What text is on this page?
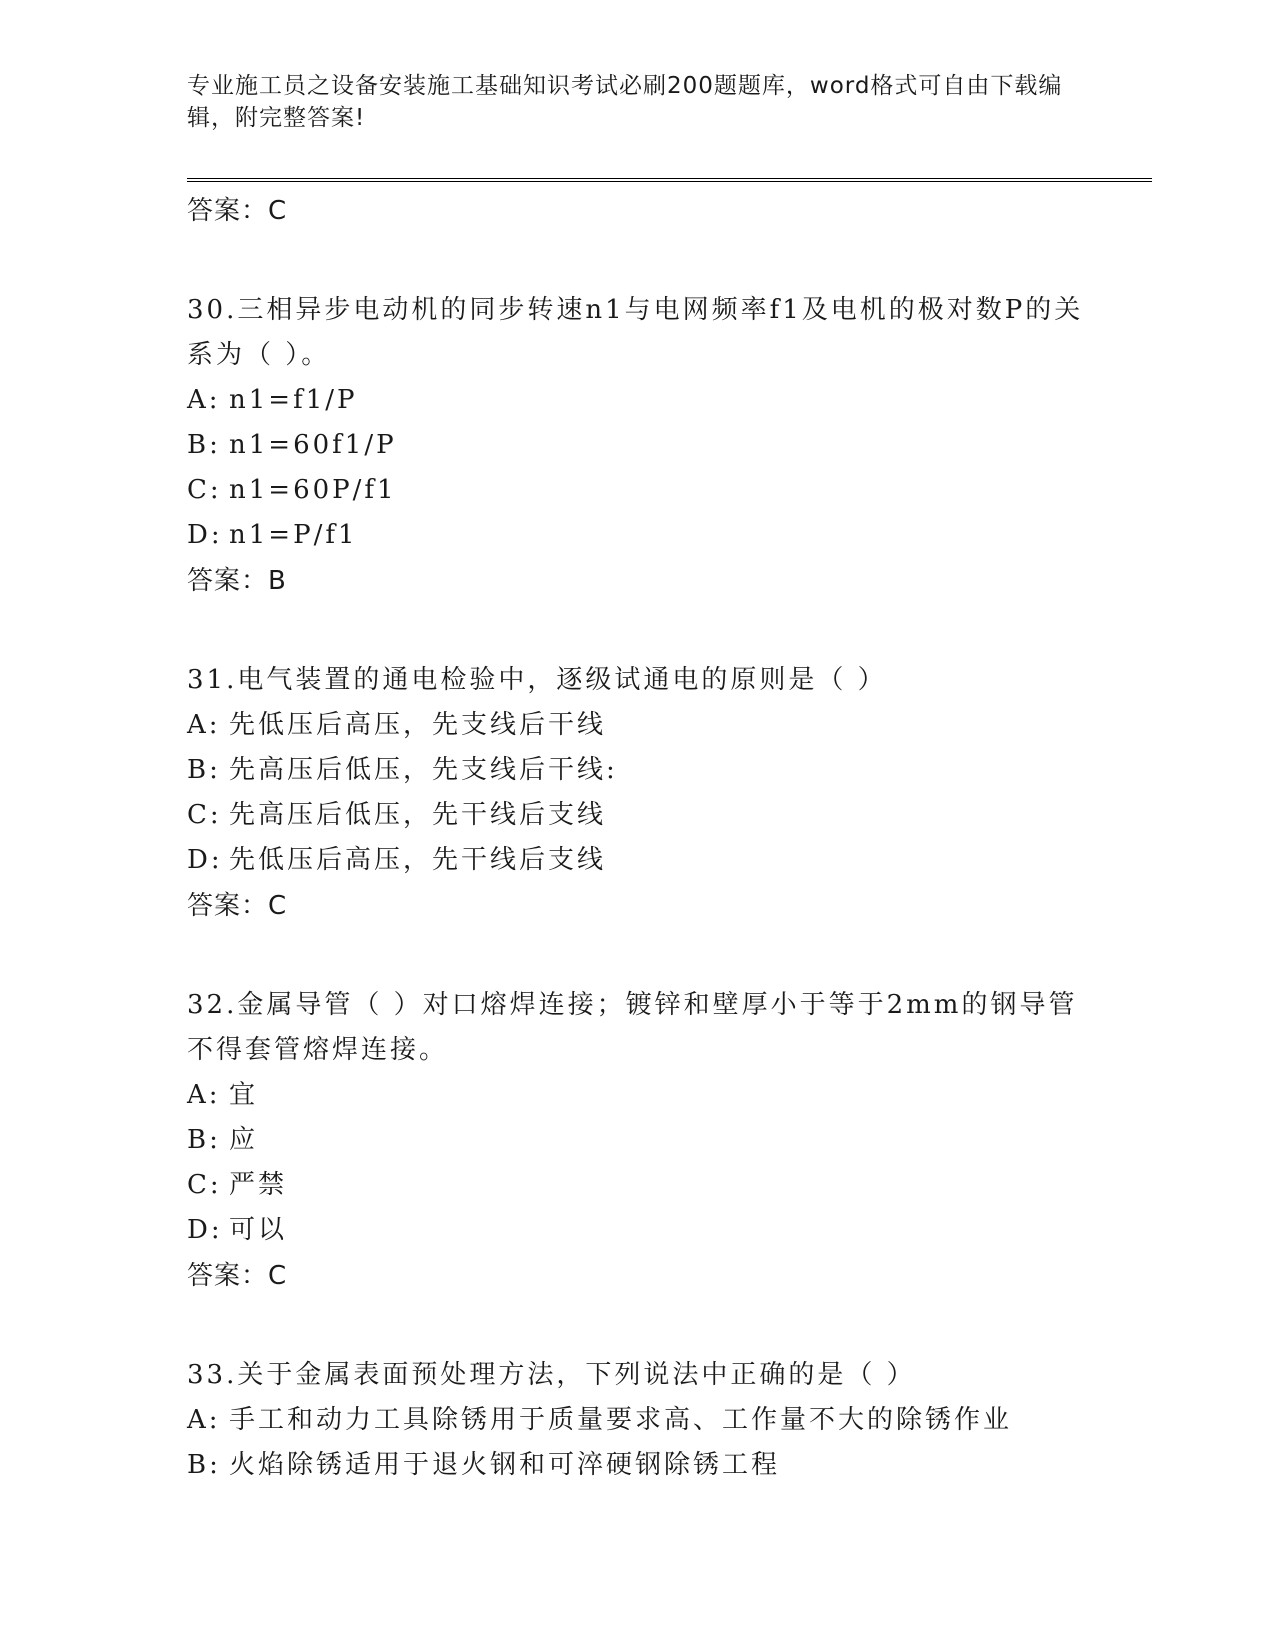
专业施工员之设备安装施工基础知识考试必刷200题题库，word格式可自由下载编辑，附完整答案!
答案：C
30.三相异步电动机的同步转速n1与电网频率f1及电机的极对数P的关系为（ ）。
A: n1=f1/P
B: n1=60f1/P
C: n1=60P/f1
D: n1=P/f1
答案：B
31.电气装置的通电检验中，逐级试通电的原则是（ ）
A: 先低压后高压，先支线后干线
B: 先高压后低压，先支线后干线:
C: 先高压后低压，先干线后支线
D: 先低压后高压，先干线后支线
答案：C
32.金属导管（ ）对口熔焊连接；镀锌和壁厚小于等于2mm的钢导管不得套管熔焊连接。
A: 宜
B: 应
C: 严禁
D: 可以
答案：C
33.关于金属表面预处理方法，下列说法中正确的是（ ）
A: 手工和动力工具除锈用于质量要求高、工作量不大的除锈作业
B: 火焰除锈适用于退火钢和可淬硬钢除锈工程
